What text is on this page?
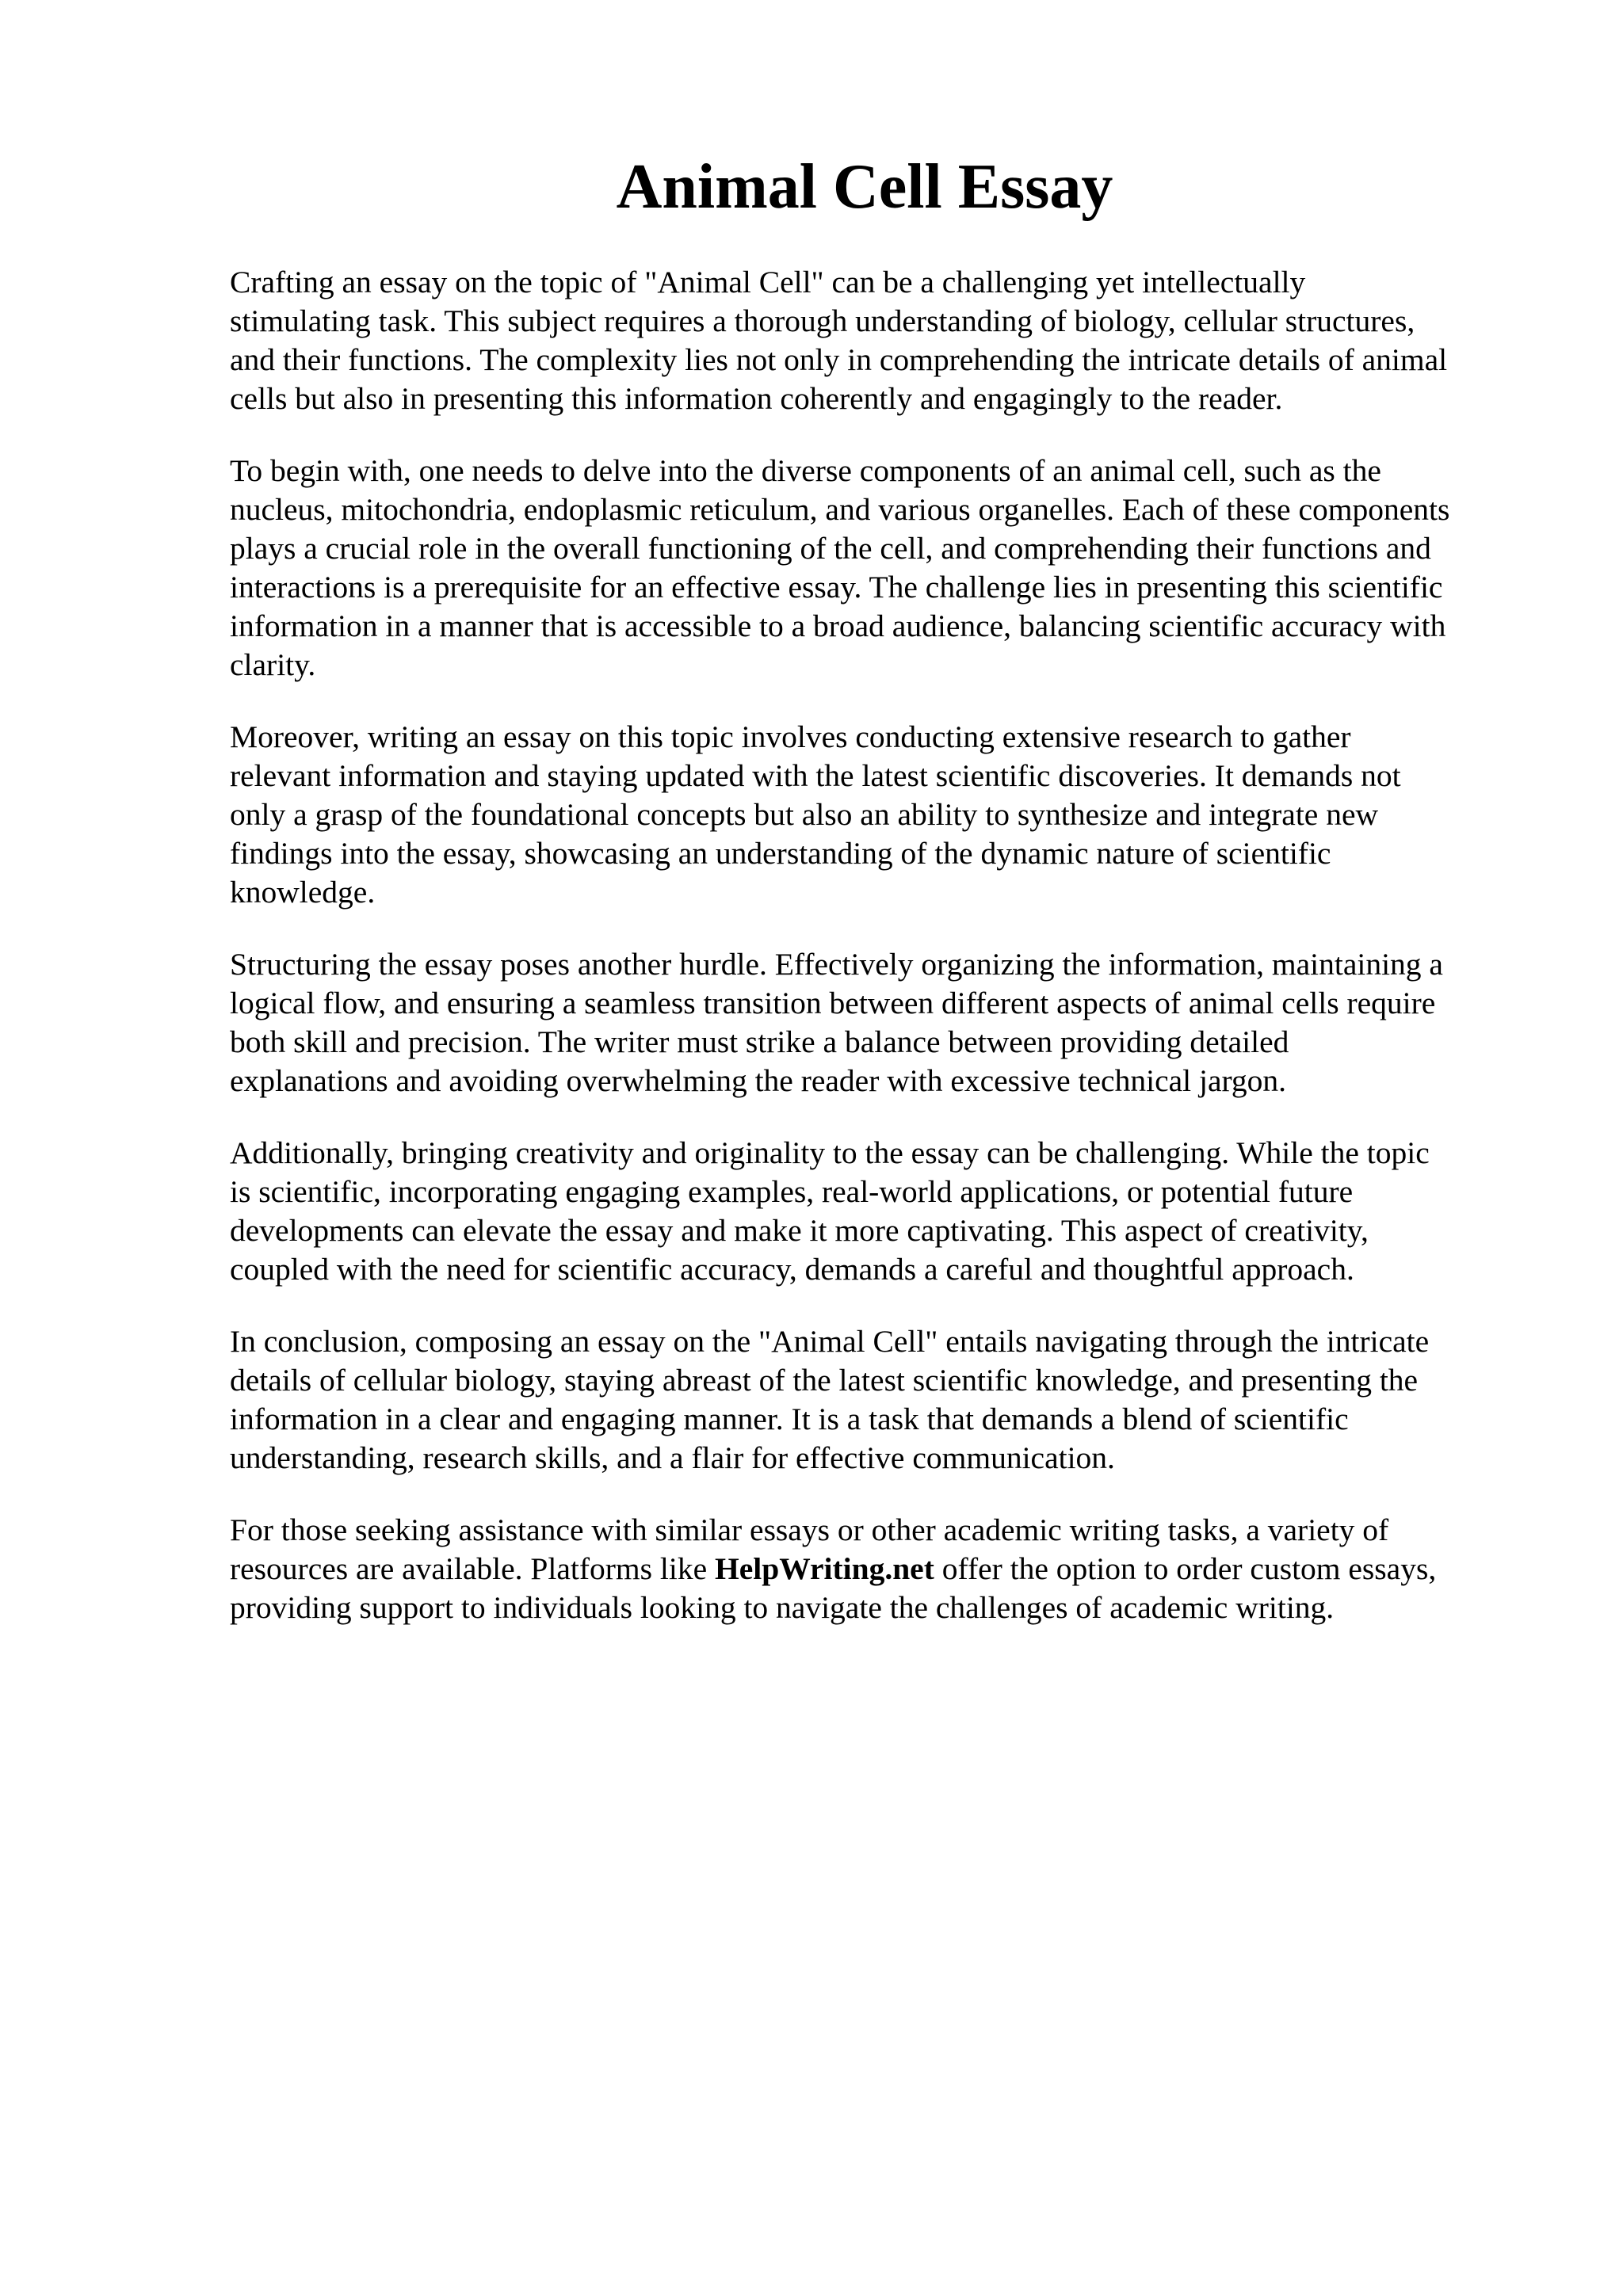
Animal Cell Essay

Crafting an essay on the topic of "Animal Cell" can be a challenging yet intellectually
stimulating task. This subject requires a thorough understanding of biology, cellular structures,
and their functions. The complexity lies not only in comprehending the intricate details of animal
cells but also in presenting this information coherently and engagingly to the reader.

To begin with, one needs to delve into the diverse components of an animal cell, such as the
nucleus, mitochondria, endoplasmic reticulum, and various organelles. Each of these components
plays a crucial role in the overall functioning of the cell, and comprehending their functions and
interactions is a prerequisite for an effective essay. The challenge lies in presenting this scientific
information in a manner that is accessible to a broad audience, balancing scientific accuracy with
clarity.

Moreover, writing an essay on this topic involves conducting extensive research to gather
relevant information and staying updated with the latest scientific discoveries. It demands not
only a grasp of the foundational concepts but also an ability to synthesize and integrate new
findings into the essay, showcasing an understanding of the dynamic nature of scientific
knowledge.

Structuring the essay poses another hurdle. Effectively organizing the information, maintaining a
logical flow, and ensuring a seamless transition between different aspects of animal cells require
both skill and precision. The writer must strike a balance between providing detailed
explanations and avoiding overwhelming the reader with excessive technical jargon.

Additionally, bringing creativity and originality to the essay can be challenging. While the topic
is scientific, incorporating engaging examples, real-world applications, or potential future
developments can elevate the essay and make it more captivating. This aspect of creativity,
coupled with the need for scientific accuracy, demands a careful and thoughtful approach.

In conclusion, composing an essay on the "Animal Cell" entails navigating through the intricate
details of cellular biology, staying abreast of the latest scientific knowledge, and presenting the
information in a clear and engaging manner. It is a task that demands a blend of scientific
understanding, research skills, and a flair for effective communication.

For those seeking assistance with similar essays or other academic writing tasks, a variety of
resources are available. Platforms like HelpWriting.net offer the option to order custom essays,
providing support to individuals looking to navigate the challenges of academic writing.
